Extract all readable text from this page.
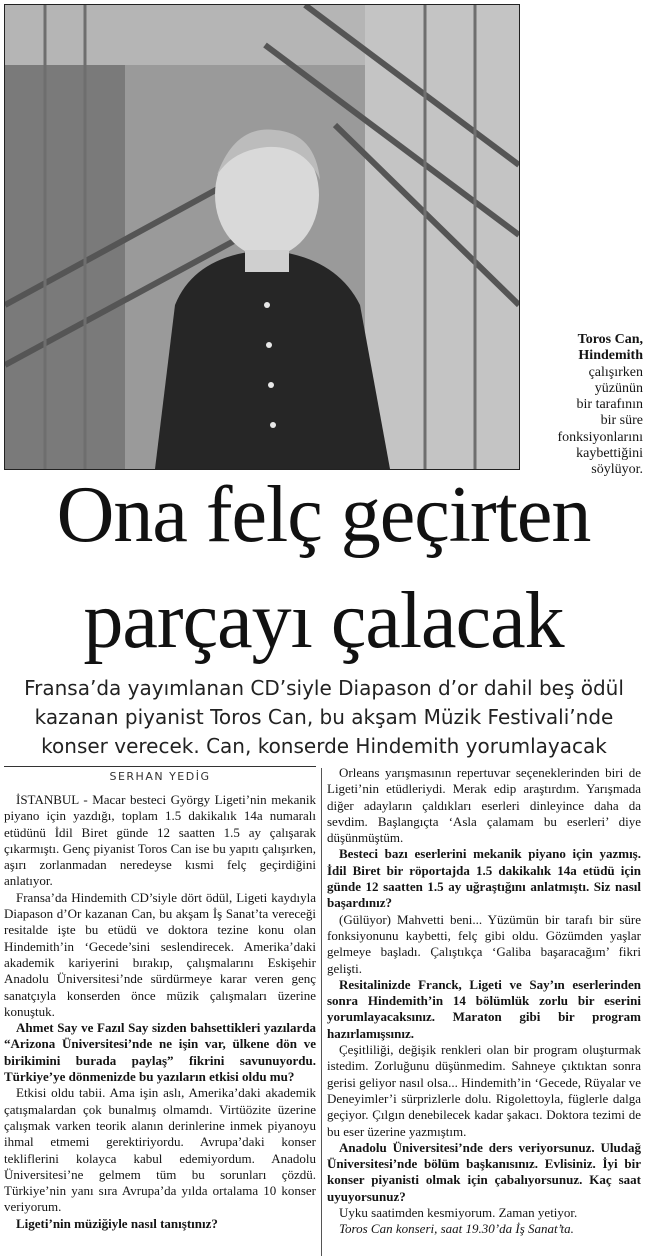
Toros Can,
Hindemith
çalışırken
yüzünün
bir tarafının
bir süre
fonksiyonlarını
kaybettiğini
söylüyor.
Ona felç geçirten
parçayı çalacak
Fransa’da yayımlanan CD’siyle Diapason d’or dahil beş ödül
kazanan piyanist Toros Can, bu akşam Müzik Festivali’nde
konser verecek. Can, konserde Hindemith yorumlayacak
SERHAN YEDİG

İSTANBUL - Macar besteci György Ligeti’nin mekanik piyano için yazdığı, toplam 1.5 dakikalık 14a numaralı etüdünü İdil Biret günde 12 saatten 1.5 ay çalışarak çıkarmıştı. Genç piyanist Toros Can ise bu yapıtı çalışırken, aşırı zorlanmadan neredeyse kısmi felç geçirdiğini anlatıyor.

Fransa’da Hindemith CD’siyle dört ödül, Ligeti kaydıyla Diapason d’Or kazanan Can, bu akşam İş Sanat’ta vereceği resitalde işte bu etüdü ve doktora tezine konu olan Hindemith’in ‘Gecede’sini seslendirecek. Amerika’daki akademik kariyerini bırakıp, çalışmalarını Eskişehir Anadolu Üniversitesi’nde sürdürmeye karar veren genç sanatçıyla konserden önce müzik çalışmaları üzerine konuştuk.

Ahmet Say ve Fazıl Say sizden bahsettikleri yazılarda “Arizona Üniversitesi’nde ne işin var, ülkene dön ve birikimini burada paylaş” fikrini savunuyordu. Türkiye’ye dönmenizde bu yazıların etkisi oldu mu?

Etkisi oldu tabii. Ama işin aslı, Amerika’daki akademik çatışmalardan çok bunalmış olmamdı. Virtüözite üzerine çalışmak varken teorik alanın derinlerine inmek piyanoyu ihmal etmemi gerektiriyordu. Avrupa’daki konser tekliflerini kolayca kabul edemiyordum. Anadolu Üniversitesi’ne gelmem tüm bu sorunları çözdü. Türkiye’nin yanı sıra Avrupa’da yılda ortalama 10 konser veriyorum.

Ligeti’nin müziğiyle nasıl tanıştınız?

Orleans yarışmasının repertuvar seçeneklerinden biri de Ligeti’nin etüdleriydi. Merak edip araştırdım. Yarışmada diğer adayların çaldıkları eserleri dinleyince daha da sevdim. Başlangıçta ‘Asla çalamam bu eserleri’ diye düşünmüştüm.

Besteci bazı eserlerini mekanik piyano için yazmış. İdil Biret bir röportajda 1.5 dakikalık 14a etüdü için günde 12 saatten 1.5 ay uğraştığını anlatmıştı. Siz nasıl başardınız?

(Gülüyor) Mahvetti beni... Yüzümün bir tarafı bir süre fonksiyonunu kaybetti, felç gibi oldu. Gözümden yaşlar gelmeye başladı. Çalıştıkça ‘Galiba başaracağım’ fikri gelişti.

Resitalinizde Franck, Ligeti ve Say’ın eserlerinden sonra Hindemith’in 14 bölümlük zorlu bir eserini yorumlayacaksınız. Maraton gibi bir program hazırlamışsınız.

Çeşitliliği, değişik renkleri olan bir program oluşturmak istedim. Zorluğunu düşünmedim. Sahneye çıktıktan sonra gerisi geliyor nasıl olsa... Hindemith’in ‘Gecede, Rüyalar ve Deneyimler’i sürprizlerle dolu. Rigolettoyla, füglerle dalga geçiyor. Çılgın denebilecek kadar şakacı. Doktora tezimi de bu eser üzerine yazmıştım.

Anadolu Üniversitesi’nde ders veriyorsunuz. Uludağ Üniversitesi’nde bölüm başkanısınız. Evlisiniz. İyi bir konser piyanisti olmak için çabalıyorsunuz. Kaç saat uyuyorsunuz?

Uyku saatimden kesmiyorum. Zaman yetiyor.

Toros Can konseri, saat 19.30’da İş Sanat’ta.
